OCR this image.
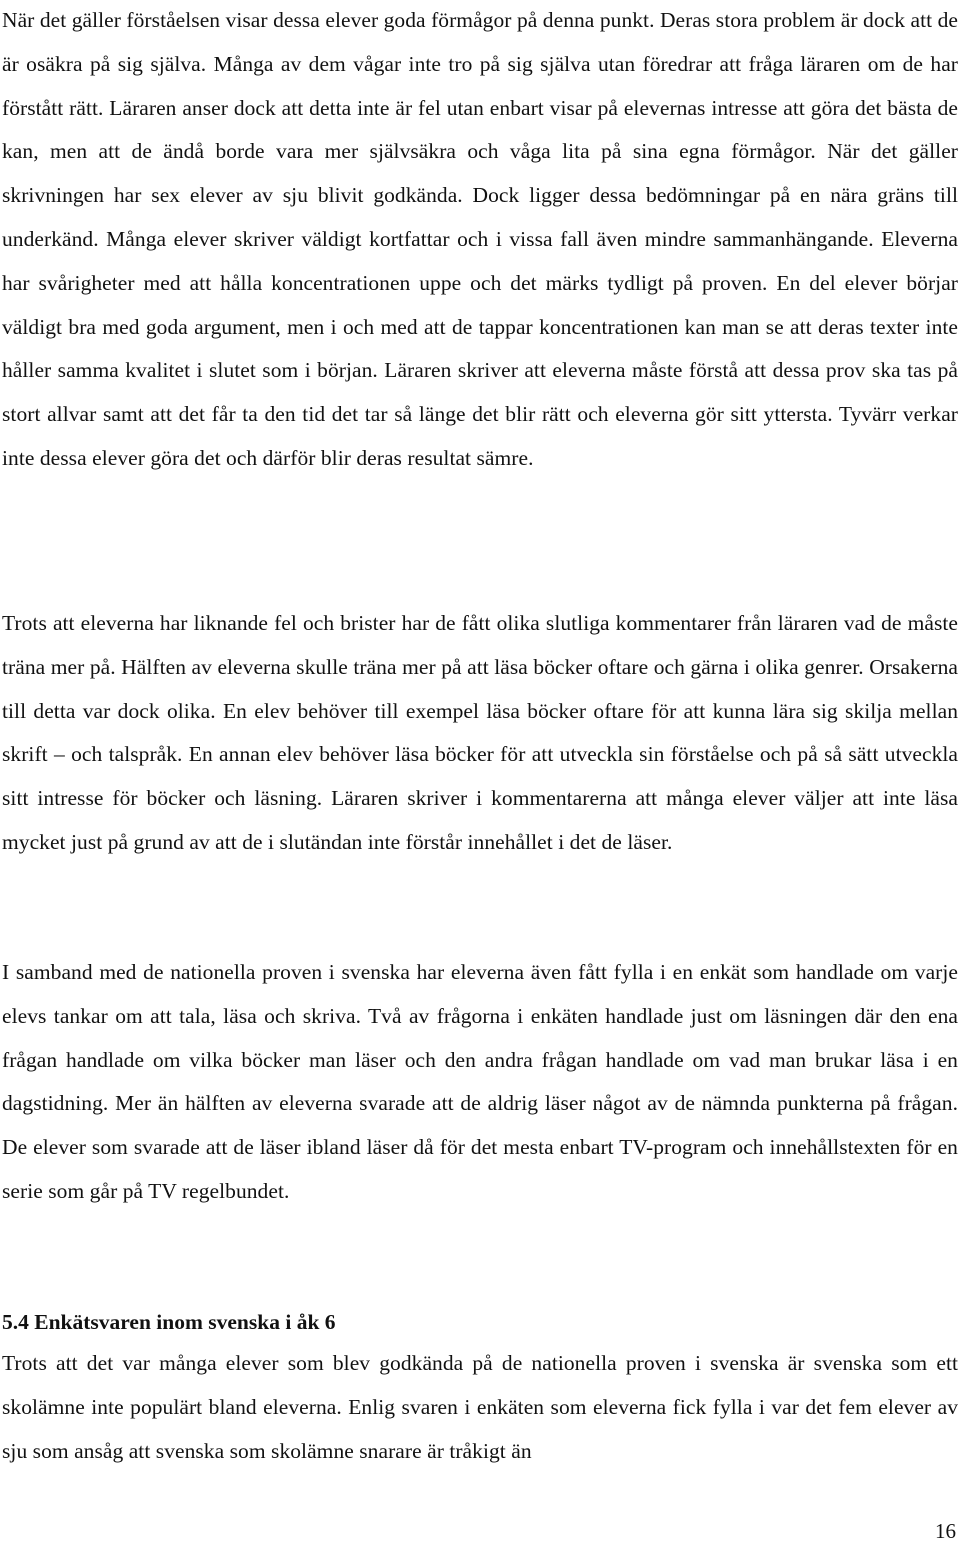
När det gäller förståelsen visar dessa elever goda förmågor på denna punkt. Deras stora problem är dock att de är osäkra på sig själva. Många av dem vågar inte tro på sig själva utan föredrar att fråga läraren om de har förstått rätt. Läraren anser dock att detta inte är fel utan enbart visar på elevernas intresse att göra det bästa de kan, men att de ändå borde vara mer självsäkra och våga lita på sina egna förmågor. När det gäller skrivningen har sex elever av sju blivit godkända. Dock ligger dessa bedömningar på en nära gräns till underkänd. Många elever skriver väldigt kortfattar och i vissa fall även mindre sammanhängande. Eleverna har svårigheter med att hålla koncentrationen uppe och det märks tydligt på proven. En del elever börjar väldigt bra med goda argument, men i och med att de tappar koncentrationen kan man se att deras texter inte håller samma kvalitet i slutet som i början. Läraren skriver att eleverna måste förstå att dessa prov ska tas på stort allvar samt att det får ta den tid det tar så länge det blir rätt och eleverna gör sitt yttersta. Tyvärr verkar inte dessa elever göra det och därför blir deras resultat sämre.

Trots att eleverna har liknande fel och brister har de fått olika slutliga kommentarer från läraren vad de måste träna mer på. Hälften av eleverna skulle träna mer på att läsa böcker oftare och gärna i olika genrer. Orsakerna till detta var dock olika. En elev behöver till exempel läsa böcker oftare för att kunna lära sig skilja mellan skrift – och talspråk. En annan elev behöver läsa böcker för att utveckla sin förståelse och på så sätt utveckla sitt intresse för böcker och läsning. Läraren skriver i kommentarerna att många elever väljer att inte läsa mycket just på grund av att de i slutändan inte förstår innehållet i det de läser.

I samband med de nationella proven i svenska har eleverna även fått fylla i en enkät som handlade om varje elevs tankar om att tala, läsa och skriva. Två av frågorna i enkäten handlade just om läsningen där den ena frågan handlade om vilka böcker man läser och den andra frågan handlade om vad man brukar läsa i en dagstidning. Mer än hälften av eleverna svarade att de aldrig läser något av de nämnda punkterna på frågan. De elever som svarade att de läser ibland läser då för det mesta enbart TV-program och innehållstexten för en serie som går på TV regelbundet.

5.4 Enkätsvaren inom svenska i åk 6

Trots att det var många elever som blev godkända på de nationella proven i svenska är svenska som ett skolämne inte populärt bland eleverna. Enlig svaren i enkäten som eleverna fick fylla i var det fem elever av sju som ansåg att svenska som skolämne snarare är tråkigt än

16
